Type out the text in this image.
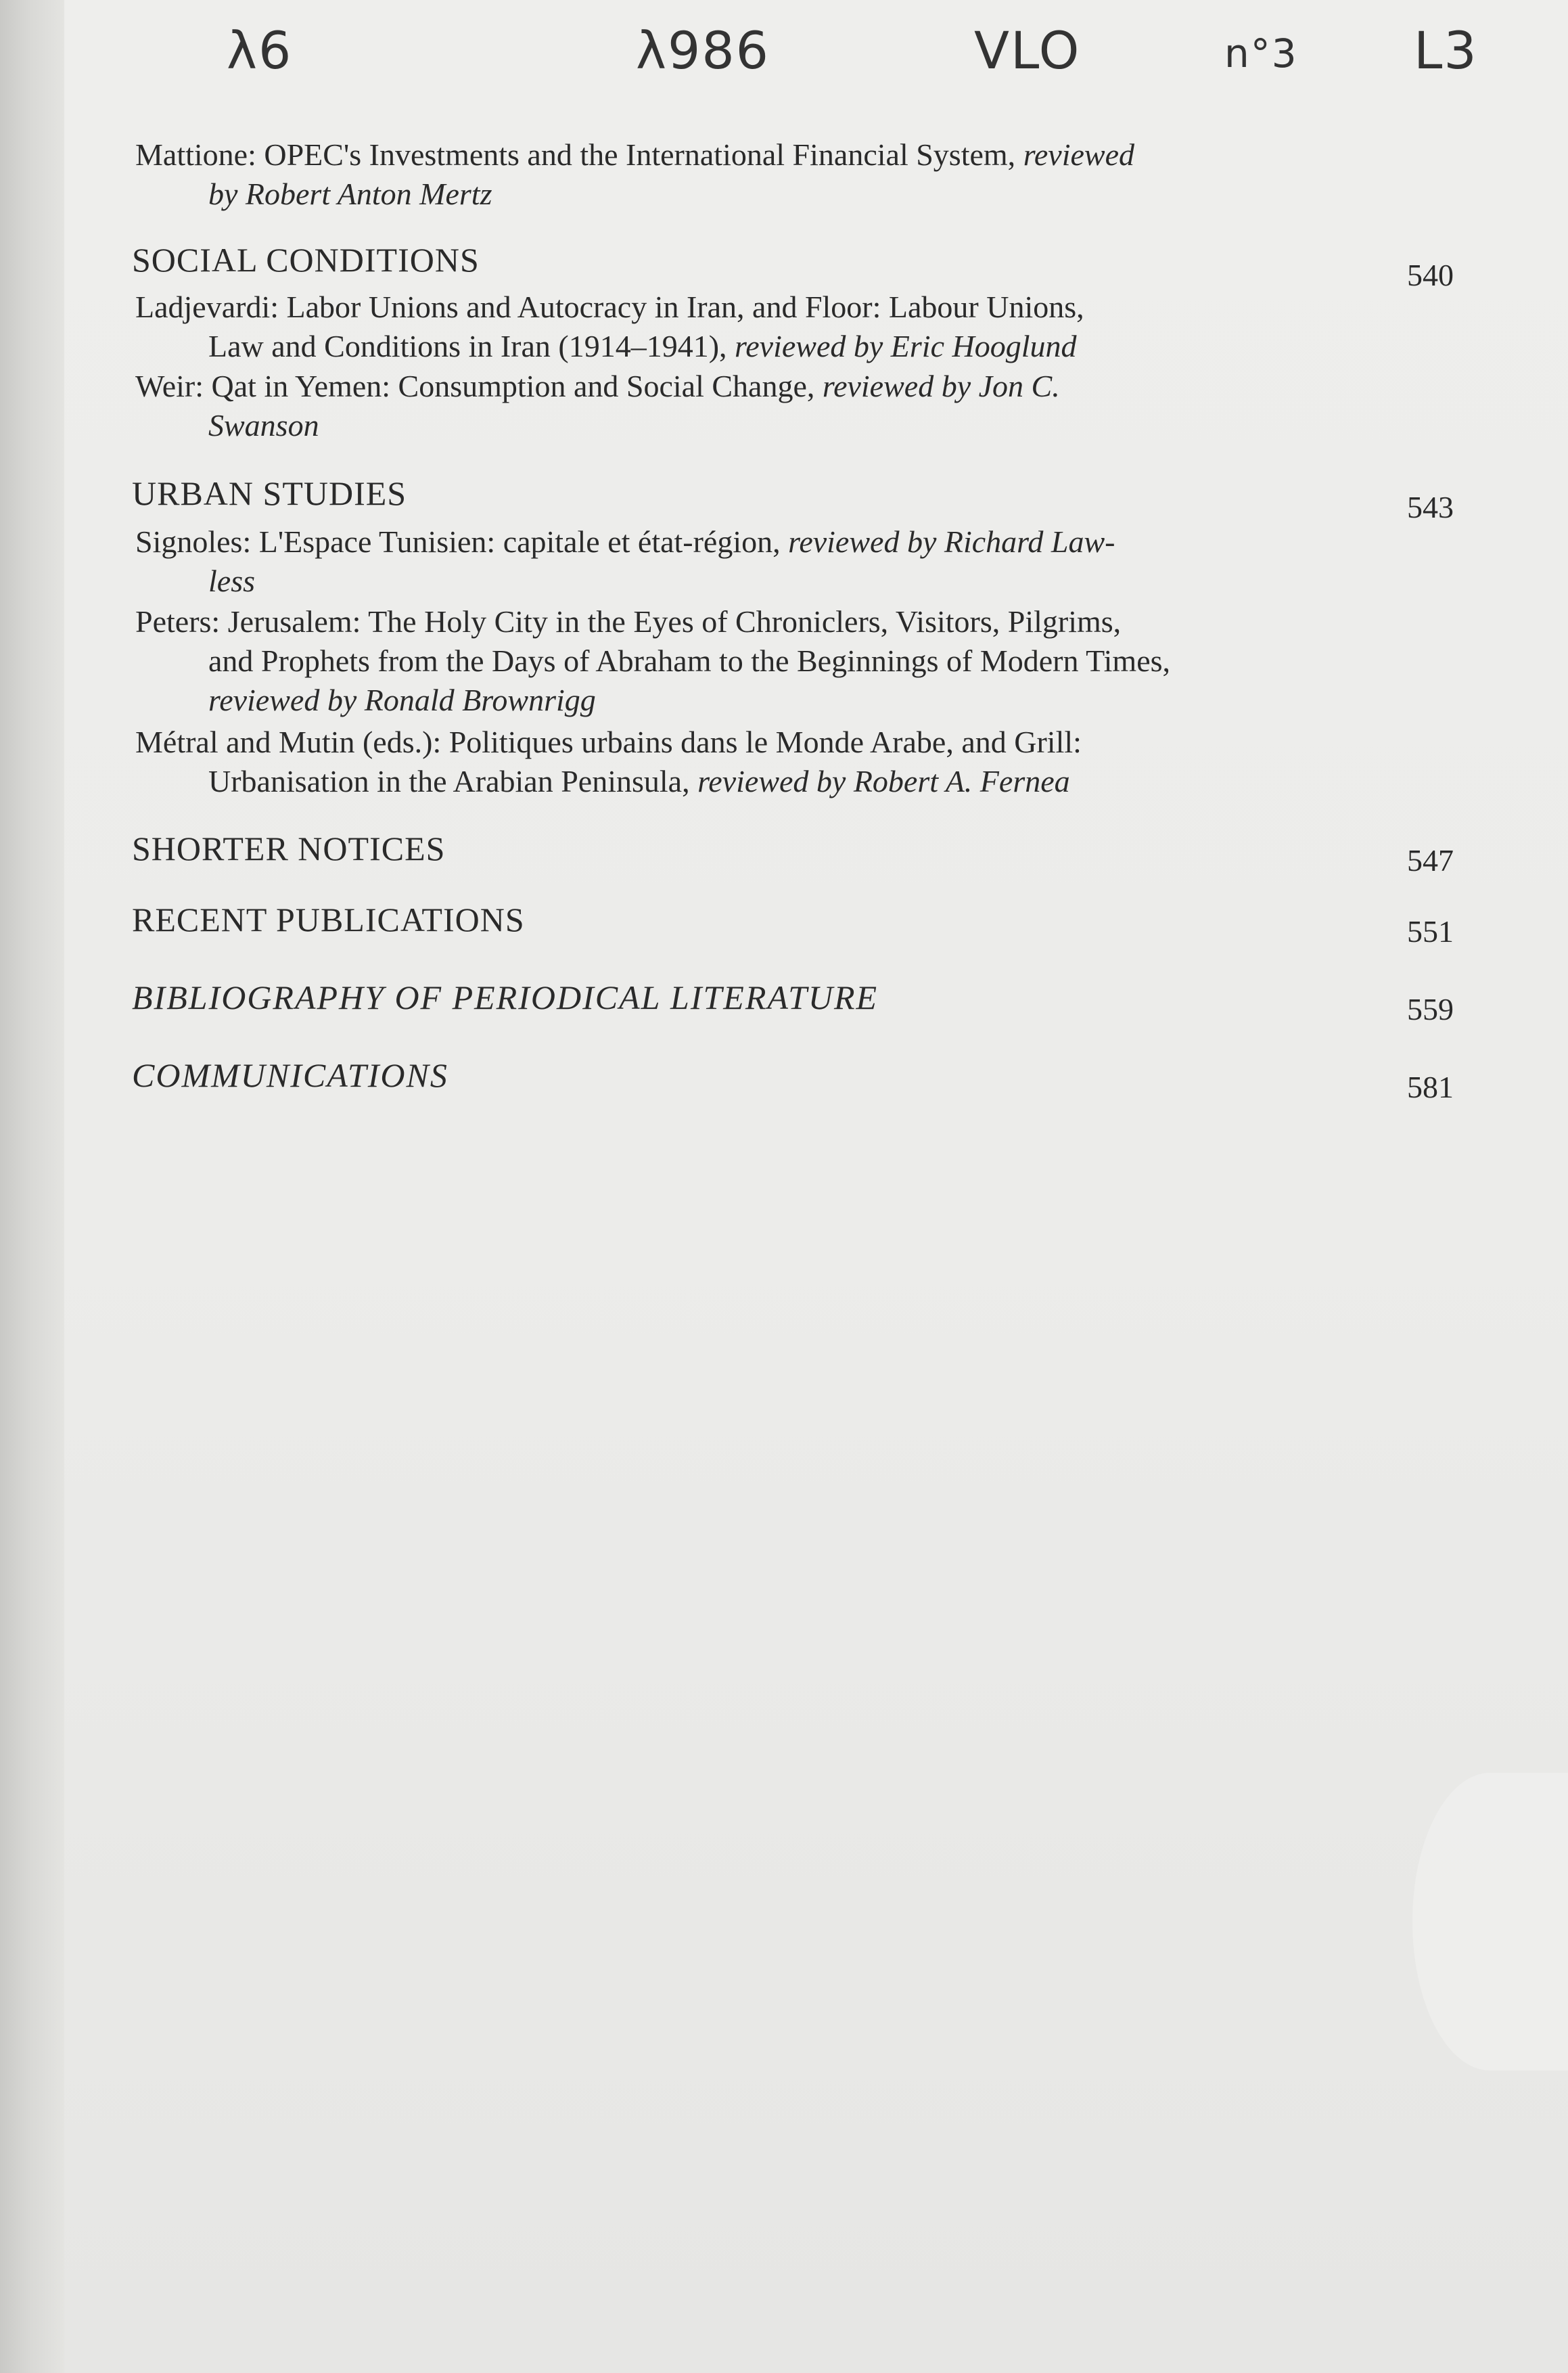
λ6	λ986	VLO	n°3 L3
Mattione: OPEC's Investments and the International Financial System, reviewed
by Robert Anton Mertz
SOCIAL CONDITIONS	540
Ladjevardi: Labor Unions and Autocracy in Iran, and Floor: Labour Unions,
Law and Conditions in Iran (1914–1941), reviewed by Eric Hooglund
Weir: Qat in Yemen: Consumption and Social Change, reviewed by Jon C.
Swanson
URBAN STUDIES	543
Signoles: L'Espace Tunisien: capitale et état-région, reviewed by Richard Law-
less
Peters: Jerusalem: The Holy City in the Eyes of Chroniclers, Visitors, Pilgrims,
and Prophets from the Days of Abraham to the Beginnings of Modern Times,
reviewed by Ronald Brownrigg
Métral and Mutin (eds.): Politiques urbains dans le Monde Arabe, and Grill:
Urbanisation in the Arabian Peninsula, reviewed by Robert A. Fernea
SHORTER NOTICES	547
RECENT PUBLICATIONS	551
BIBLIOGRAPHY OF PERIODICAL LITERATURE	559
COMMUNICATIONS	581
